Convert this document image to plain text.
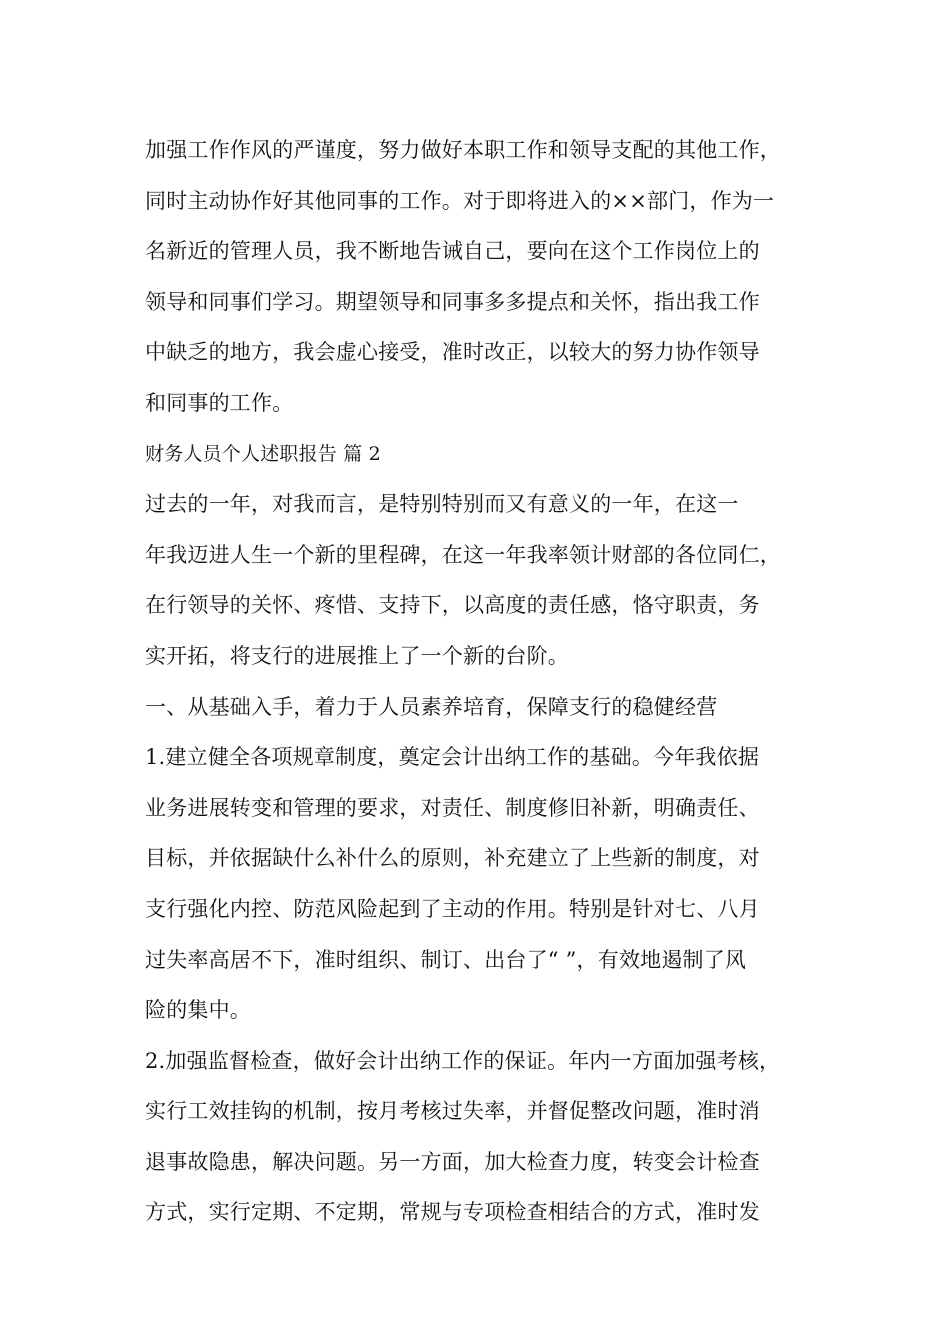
加强工作作风的严谨度，努力做好本职工作和领导支配的其他工作，
同时主动协作好其他同事的工作。对于即将进入的××部门，作为一
名新近的管理人员，我不断地告诫自己，要向在这个工作岗位上的
领导和同事们学习。期望领导和同事多多提点和关怀，指出我工作
中缺乏的地方，我会虚心接受，准时改正，以较大的努力协作领导
和同事的工作。
财务人员个人述职报告 篇 2
过去的一年，对我而言，是特别特别而又有意义的一年，在这一
年我迈进人生一个新的里程碑，在这一年我率领计财部的各位同仁，
在行领导的关怀、疼惜、支持下，以高度的责任感，恪守职责，务
实开拓，将支行的进展推上了一个新的台阶。
一、从基础入手，着力于人员素养培育，保障支行的稳健经营
1.建立健全各项规章制度，奠定会计出纳工作的基础。今年我依据
业务进展转变和管理的要求，对责任、制度修旧补新，明确责任、
目标，并依据缺什么补什么的原则，补充建立了上些新的制度，对
支行强化内控、防范风险起到了主动的作用。特别是针对七、八月
过失率高居不下，准时组织、制订、出台了“ ”，有效地遏制了风
险的集中。
2.加强监督检查，做好会计出纳工作的保证。年内一方面加强考核，
实行工效挂钩的机制，按月考核过失率，并督促整改问题，准时消
退事故隐患，解决问题。另一方面，加大检查力度，转变会计检查
方式，实行定期、不定期，常规与专项检查相结合的方式，准时发
